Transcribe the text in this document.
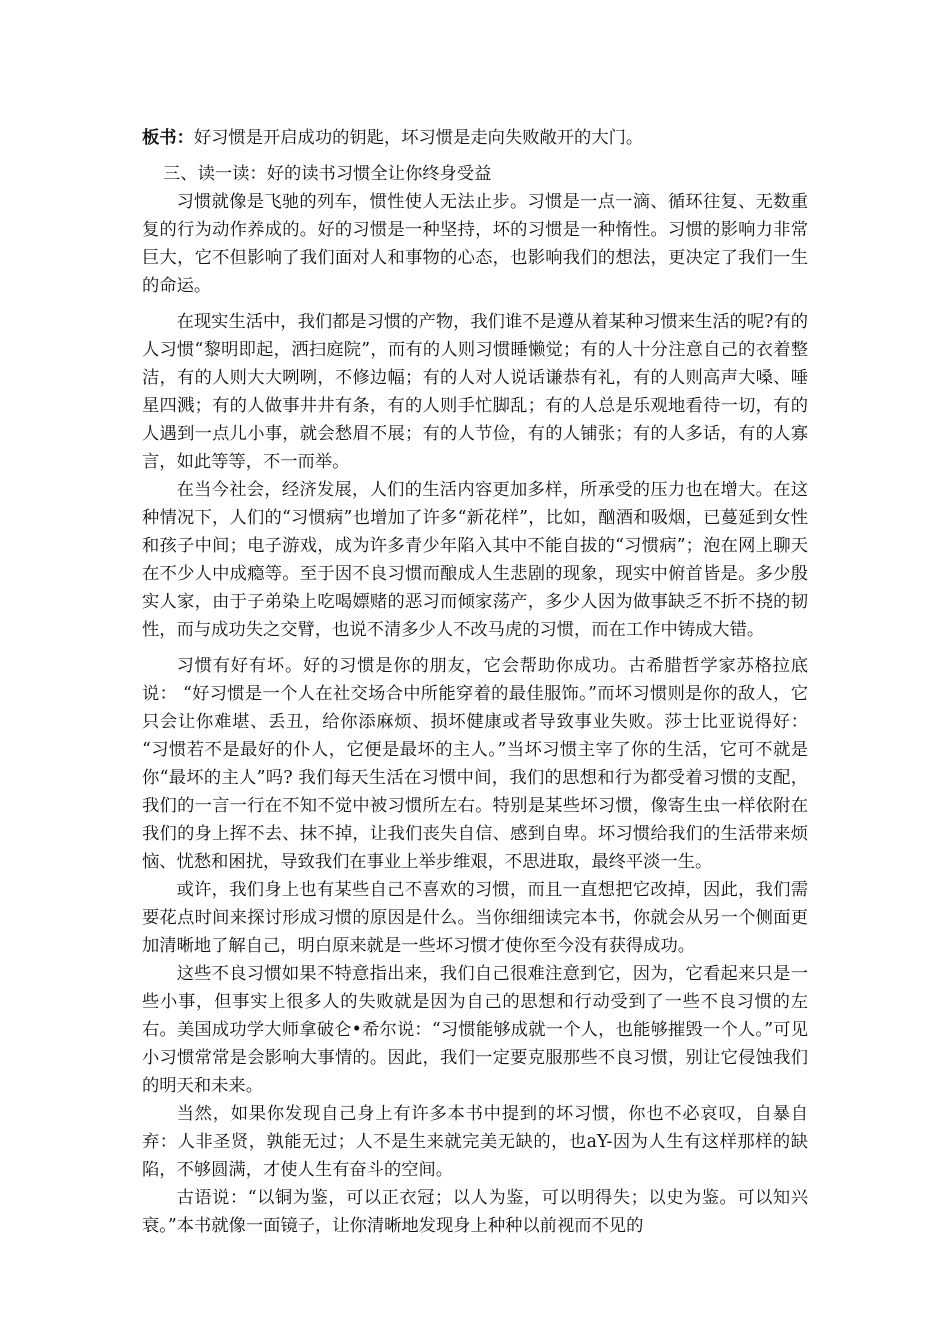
板书：好习惯是开启成功的钥匙，坏习惯是走向失败敞开的大门。

三、读一读：好的读书习惯全让你终身受益

习惯就像是飞驰的列车，惯性使人无法止步。习惯是一点一滴、循环往复、无数重复的行为动作养成的。好的习惯是一种坚持，坏的习惯是一种惰性。习惯的影响力非常巨大，它不但影响了我们面对人和事物的心态，也影响我们的想法，更决定了我们一生的命运。

在现实生活中，我们都是习惯的产物，我们谁不是遵从着某种习惯来生活的呢?有的人习惯“黎明即起，洒扫庭院”，而有的人则习惯睡懒觉；有的人十分注意自己的衣着整洁，有的人则大大咧咧，不修边幅；有的人对人说话谦恭有礼，有的人则高声大嗓、唾星四溅；有的人做事井井有条，有的人则手忙脚乱；有的人总是乐观地看待一切，有的人遇到一点儿小事，就会愁眉不展；有的人节俭，有的人铺张；有的人多话，有的人寡言，如此等等，不一而举。

在当今社会，经济发展，人们的生活内容更加多样，所承受的压力也在增大。在这种情况下，人们的“习惯病”也增加了许多“新花样”，比如，酗酒和吸烟，已蔓延到女性和孩子中间；电子游戏，成为许多青少年陷入其中不能自拔的“习惯病”；泡在网上聊天在不少人中成瘾等。至于因不良习惯而酿成人生悲剧的现象，现实中俯首皆是。多少殷实人家，由于子弟染上吃喝嫖赌的恶习而倾家荡产，多少人因为做事缺乏不折不挠的韧性，而与成功失之交臂，也说不清多少人不改马虎的习惯，而在工作中铸成大错。

习惯有好有坏。好的习惯是你的朋友，它会帮助你成功。古希腊哲学家苏格拉底说： “好习惯是一个人在社交场合中所能穿着的最佳服饰。”而坏习惯则是你的敌人，它只会让你难堪、丢丑，给你添麻烦、损坏健康或者导致事业失败。莎士比亚说得好： “习惯若不是最好的仆人，它便是最坏的主人。”当坏习惯主宰了你的生活，它可不就是你“最坏的主人”吗? 我们每天生活在习惯中间，我们的思想和行为都受着习惯的支配，我们的一言一行在不知不觉中被习惯所左右。特别是某些坏习惯，像寄生虫一样依附在我们的身上挥不去、抹不掉，让我们丧失自信、感到自卑。坏习惯给我们的生活带来烦恼、忧愁和困扰，导致我们在事业上举步维艰，不思进取，最终平淡一生。

或许，我们身上也有某些自己不喜欢的习惯，而且一直想把它改掉，因此，我们需要花点时间来探讨形成习惯的原因是什么。当你细细读完本书，你就会从另一个侧面更加清晰地了解自己，明白原来就是一些坏习惯才使你至今没有获得成功。

这些不良习惯如果不特意指出来，我们自己很难注意到它，因为，它看起来只是一些小事，但事实上很多人的失败就是因为自己的思想和行动受到了一些不良习惯的左右。美国成功学大师拿破仑•希尔说：“习惯能够成就一个人，也能够摧毁一个人。”可见小习惯常常是会影响大事情的。因此，我们一定要克服那些不良习惯，别让它侵蚀我们的明天和未来。

当然，如果你发现自己身上有许多本书中提到的坏习惯，你也不必哀叹，自暴自弃：人非圣贤，孰能无过；人不是生来就完美无缺的，也aY-因为人生有这样那样的缺陷，不够圆满，才使人生有奋斗的空间。

古语说：“以铜为鉴，可以正衣冠；以人为鉴，可以明得失；以史为鉴。可以知兴衰。”本书就像一面镜子，让你清晰地发现身上种种以前视而不见的
